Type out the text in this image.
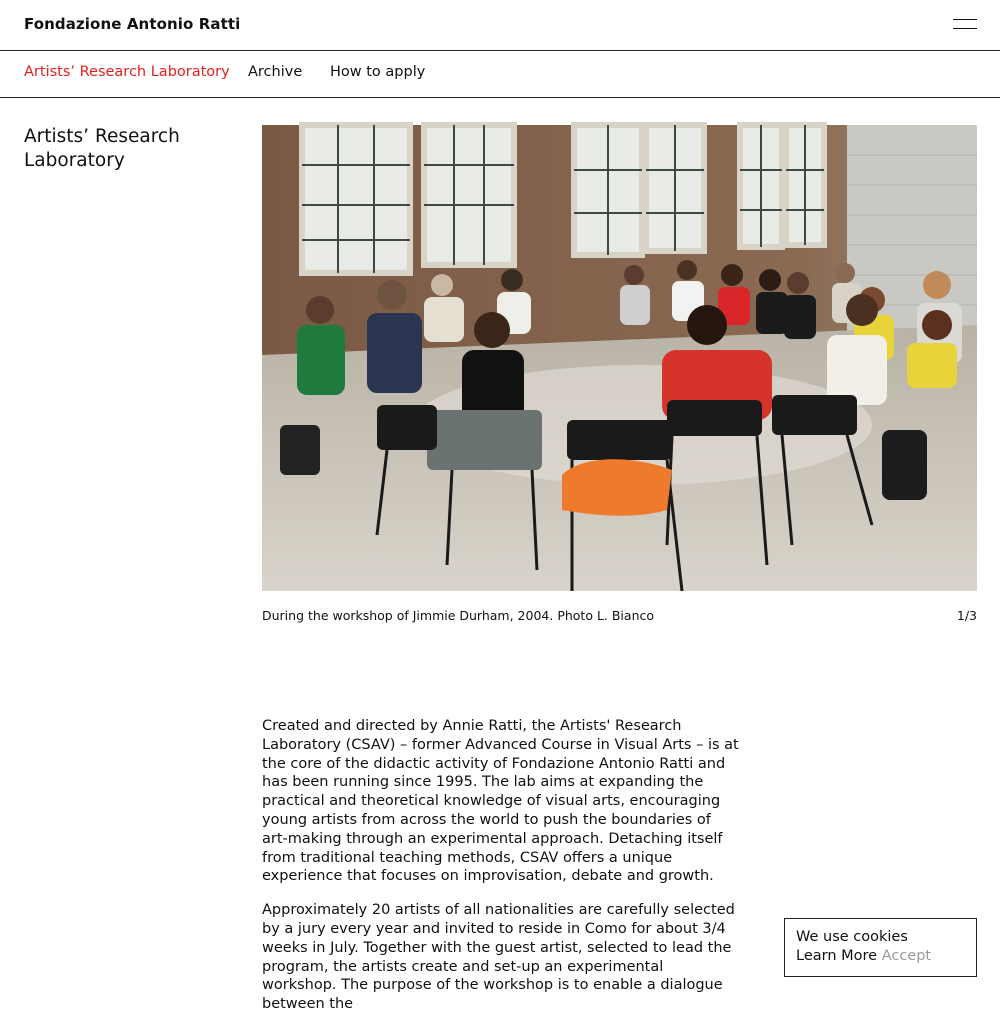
Fondazione Antonio Ratti
Artists’ Research Laboratory Archive How to apply
Artists’ Research Laboratory
During the workshop of Jimmie Durham, 2004. Photo L. Bianco	1/3

Created and directed by Annie Ratti, the Artists' Research Laboratory (CSAV) – former Advanced Course in Visual Arts – is at the core of the didactic activity of Fondazione Antonio Ratti and has been running since 1995. The lab aims at expanding the practical and theoretical knowledge of visual arts, encouraging young artists from across the world to push the boundaries of art-making through an experimental approach. Detaching itself from traditional teaching methods, CSAV offers a unique experience that focuses on improvisation, debate and growth.

Approximately 20 artists of all nationalities are carefully selected by a jury every year and invited to reside in Como for about 3/4 weeks in July. Together with the guest artist, selected to lead the program, the artists create and set-up an experimental workshop. The purpose of the workshop is to enable a dialogue between the

We use cookies
Learn More Accept
